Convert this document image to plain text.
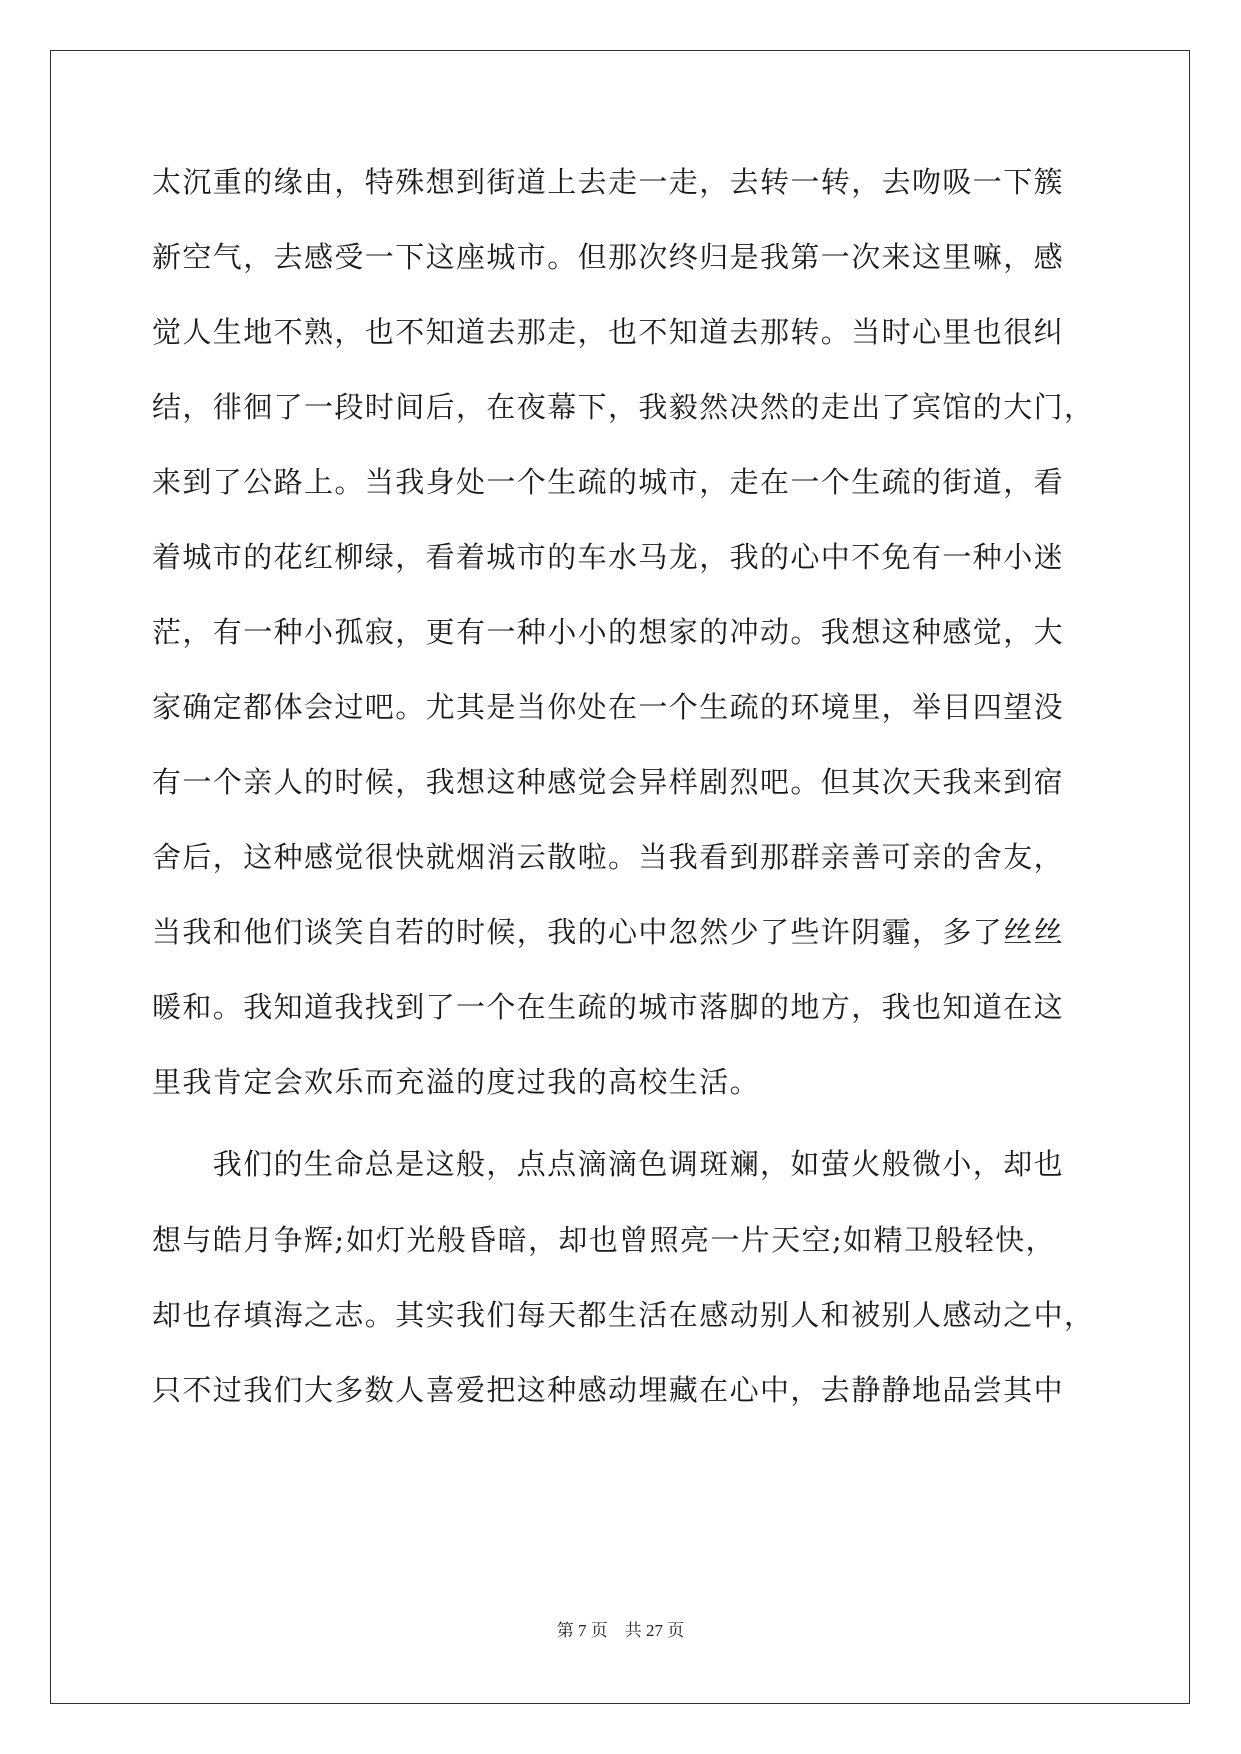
太沉重的缘由，特殊想到街道上去走一走，去转一转，去吻吸一下簇
新空气，去感受一下这座城市。但那次终归是我第一次来这里嘛，感
觉人生地不熟，也不知道去那走，也不知道去那转。当时心里也很纠
结，徘徊了一段时间后，在夜幕下，我毅然决然的走出了宾馆的大门，
来到了公路上。当我身处一个生疏的城市，走在一个生疏的街道，看
着城市的花红柳绿，看着城市的车水马龙，我的心中不免有一种小迷
茫，有一种小孤寂，更有一种小小的想家的冲动。我想这种感觉，大
家确定都体会过吧。尤其是当你处在一个生疏的环境里，举目四望没
有一个亲人的时候，我想这种感觉会异样剧烈吧。但其次天我来到宿
舍后，这种感觉很快就烟消云散啦。当我看到那群亲善可亲的舍友，
当我和他们谈笑自若的时候，我的心中忽然少了些许阴霾，多了丝丝
暖和。我知道我找到了一个在生疏的城市落脚的地方，我也知道在这
里我肯定会欢乐而充溢的度过我的高校生活。
　　我们的生命总是这般，点点滴滴色调斑斓，如萤火般微小，却也
想与皓月争辉;如灯光般昏暗，却也曾照亮一片天空;如精卫般轻快，
却也存填海之志。其实我们每天都生活在感动别人和被别人感动之中，
只不过我们大多数人喜爱把这种感动埋藏在心中，去静静地品尝其中
第 7 页    共 27 页
